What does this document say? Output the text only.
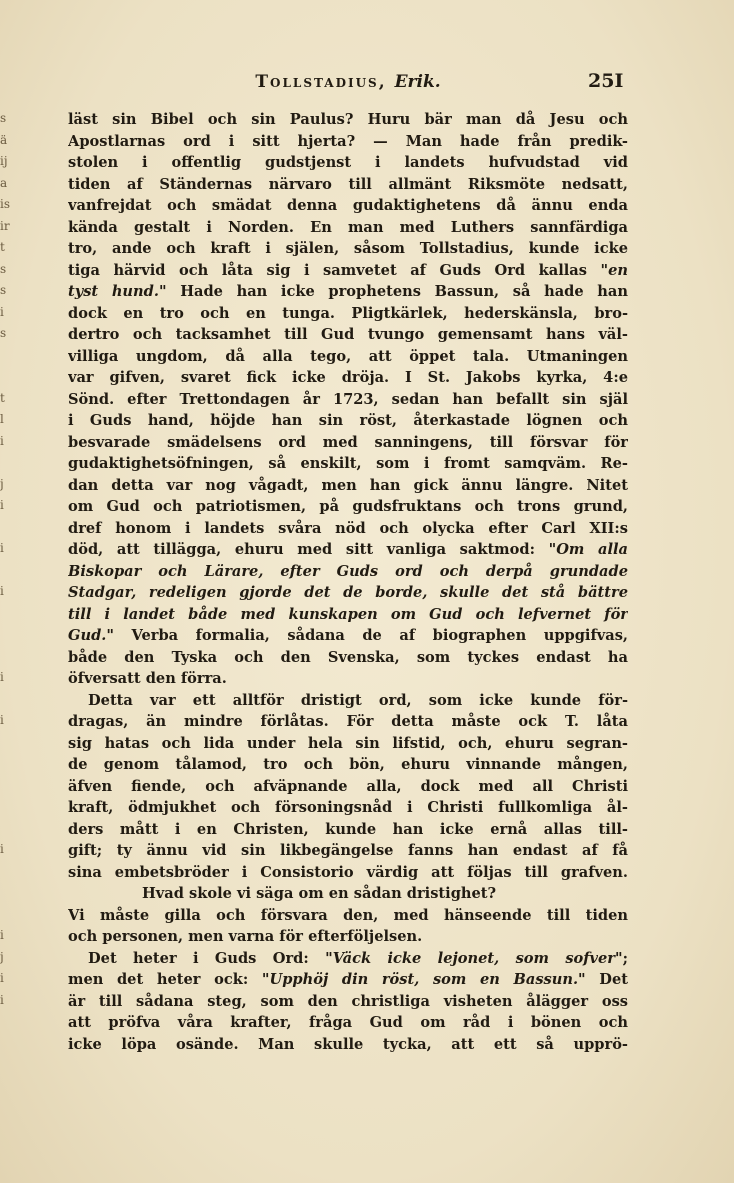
Tollstadius, Erik.	25I
s
ä
ij
a
is
ir
t
s
s
i
s
t
l
i
j
i
i
i
i
i
i
i
j
i
i
läst sin Bibel och sin Paulus? Huru bär man då Jesu och
Apostlarnas ord i sitt hjerta? — Man hade från predik-
stolen i offentlig gudstjenst i landets hufvudstad vid
tiden af Ständernas närvaro till allmänt Riksmöte nedsatt,
vanfrejdat och smädat denna gudaktighetens då ännu enda
kända gestalt i Norden. En man med Luthers sannfärdiga
tro, ande och kraft i själen, såsom Tollstadius, kunde icke
tiga härvid och låta sig i samvetet af Guds Ord kallas "en
tyst hund." Hade han icke prophetens Bassun, så hade han
dock en tro och en tunga. Pligtkärlek, hederskänsla, bro-
dertro och tacksamhet till Gud tvungo gemensamt hans väl-
villiga ungdom, då alla tego, att öppet tala. Utmaningen
var gifven, svaret fick icke dröja. I St. Jakobs kyrka, 4:e
Sönd. efter Trettondagen år 1723, sedan han befallt sin själ
i Guds hand, höjde han sin röst, återkastade lögnen och
besvarade smädelsens ord med sanningens, till försvar för
gudaktighetsöfningen, så enskilt, som i fromt samqväm. Re-
dan detta var nog vågadt, men han gick ännu längre. Nitet
om Gud och patriotismen, på gudsfruktans och trons grund,
dref honom i landets svåra nöd och olycka efter Carl XII:s
död, att tillägga, ehuru med sitt vanliga saktmod: "Om alla
Biskopar och Lärare, efter Guds ord och derpå grundade
Stadgar, redeligen gjorde det de borde, skulle det stå bättre
till i landet både med kunskapen om Gud och lefvernet för
Gud." Verba formalia, sådana de af biographen uppgifvas,
både den Tyska och den Svenska, som tyckes endast ha
öfversatt den förra.
Detta var ett alltför dristigt ord, som icke kunde för-
dragas, än mindre förlåtas. För detta måste ock T. låta
sig hatas och lida under hela sin lifstid, och, ehuru segran-
de genom tålamod, tro och bön, ehuru vinnande mången,
äfven fiende, och afväpnande alla, dock med all Christi
kraft, ödmjukhet och försoningsnåd i Christi fullkomliga ål-
ders mått i en Christen, kunde han icke ernå allas till-
gift; ty ännu vid sin likbegängelse fanns han endast af få
sina embetsbröder i Consistorio värdig att följas till grafven.
Hvad skole vi säga om en sådan dristighet?
Vi måste gilla och försvara den, med hänseende till tiden
och personen, men varna för efterföljelsen.
Det heter i Guds Ord: "Väck icke lejonet, som sofver";
men det heter ock: "Upphöj din röst, som en Bassun." Det
är till sådana steg, som den christliga visheten ålägger oss
att pröfva våra krafter, fråga Gud om råd i bönen och
icke löpa osände. Man skulle tycka, att ett så upprö-
